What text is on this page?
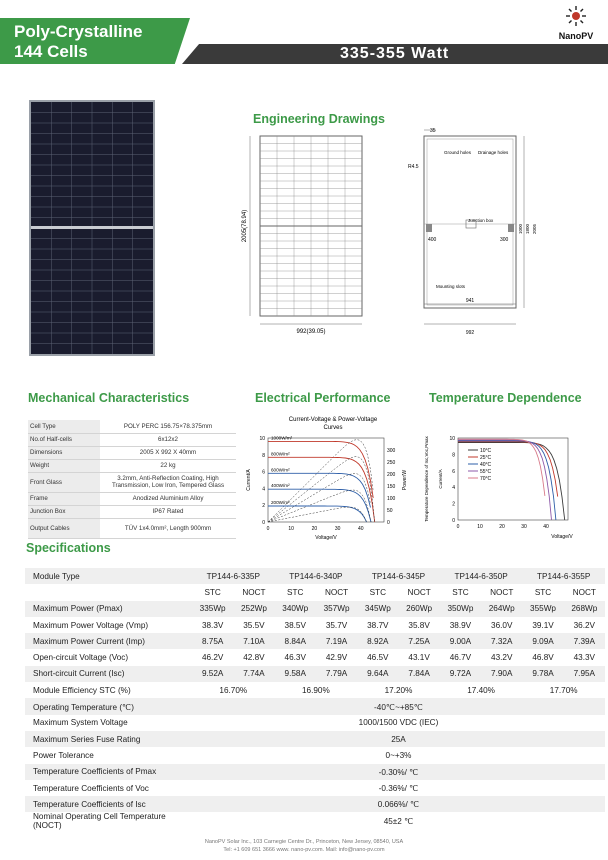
Poly-Crystalline
144 Cells	335-355 Watt
NanoPV
Engineering Drawings
2005(78.94)
992(39.05)
35
R4.5
Ground holes Drainage holes
Junction box
Mounting slots
400	300
941
992
1000 1800 2005
Mechanical Characteristics	Electrical Performance	Temperature Dependence
Cell Type	POLY PERC 156.75×78.375mm
No.of Half-cells	6x12x2
Dimensions	2005 X 992 X 40mm
Weight	22 kg
Front Glass	3.2mm, Anti-Reflection Coating, High Transmission, Low Iron, Tempered Glass
Frame	Anodized Aluminium Alloy
Junction Box	IP67 Rated
Output Cables	TÜV 1x4.0mm², Length 900mm
Current-Voltage & Power-Voltage
Curves
0
2
4
6
8
10
0
50
100
150
200
250
300
0	10	20	30	40
Voltage/V
Current/A	Power/W
1000W/m²
800W/m²
600W/m²
400W/m²
200W/m²
0
2
4
6
8
10
0	10	20	30	40
Voltage/V
Temperature Dependence of Isc,Voc,Pmax Current/A
10°C
25°C
40°C
55°C
70°C
Specifications
Module Type	TP144-6-335P		TP144-6-340P		TP144-6-345P		TP144-6-350P		TP144-6-355P	
	STC	NOCT	STC	NOCT	STC	NOCT	STC	NOCT	STC	NOCT
Maximum Power (Pmax)	335Wp	252Wp	340Wp	357Wp	345Wp	260Wp	350Wp	264Wp	355Wp	268Wp
Maximum Power Voltage (Vmp)	38.3V	35.5V	38.5V	35.7V	38.7V	35.8V	38.9V	36.0V	39.1V	36.2V
Maximum Power Current (Imp)	8.75A	7.10A	8.84A	7.19A	8.92A	7.25A	9.00A	7.32A	9.09A	7.39A
Open-circuit Voltage (Voc)	46.2V	42.8V	46.3V	42.9V	46.5V	43.1V	46.7V	43.2V	46.8V	43.3V
Short-circuit Current (Isc)	9.52A	7.74A	9.58A	7.79A	9.64A	7.84A	9.72A	7.90A	9.78A	7.95A
Module Efficiency STC (%)	16.70%		16.90%		17.20%		17.40%		17.70%	
Operating Temperature (℃)	-40℃~+85℃									
Maximum System Voltage	1000/1500 VDC (IEC)									
Maximum Series Fuse Rating	25A									
Power Tolerance	0~+3%									
Temperature Coefficients of Pmax	-0.30%/ ℃									
Temperature Coefficients of Voc	-0.36%/ ℃									
Temperature Coefficients of Isc	0.066%/ ℃									
Nominal Operating Cell Temperature (NOCT)	45±2 ℃									
NanoPV Solar Inc., 103 Carnegie Centre Dr., Princeton, New Jersey, 08540, USA
Tel: +1 609 651 3666 www. nano-pv.com. Mail: info@nano-pv.com
